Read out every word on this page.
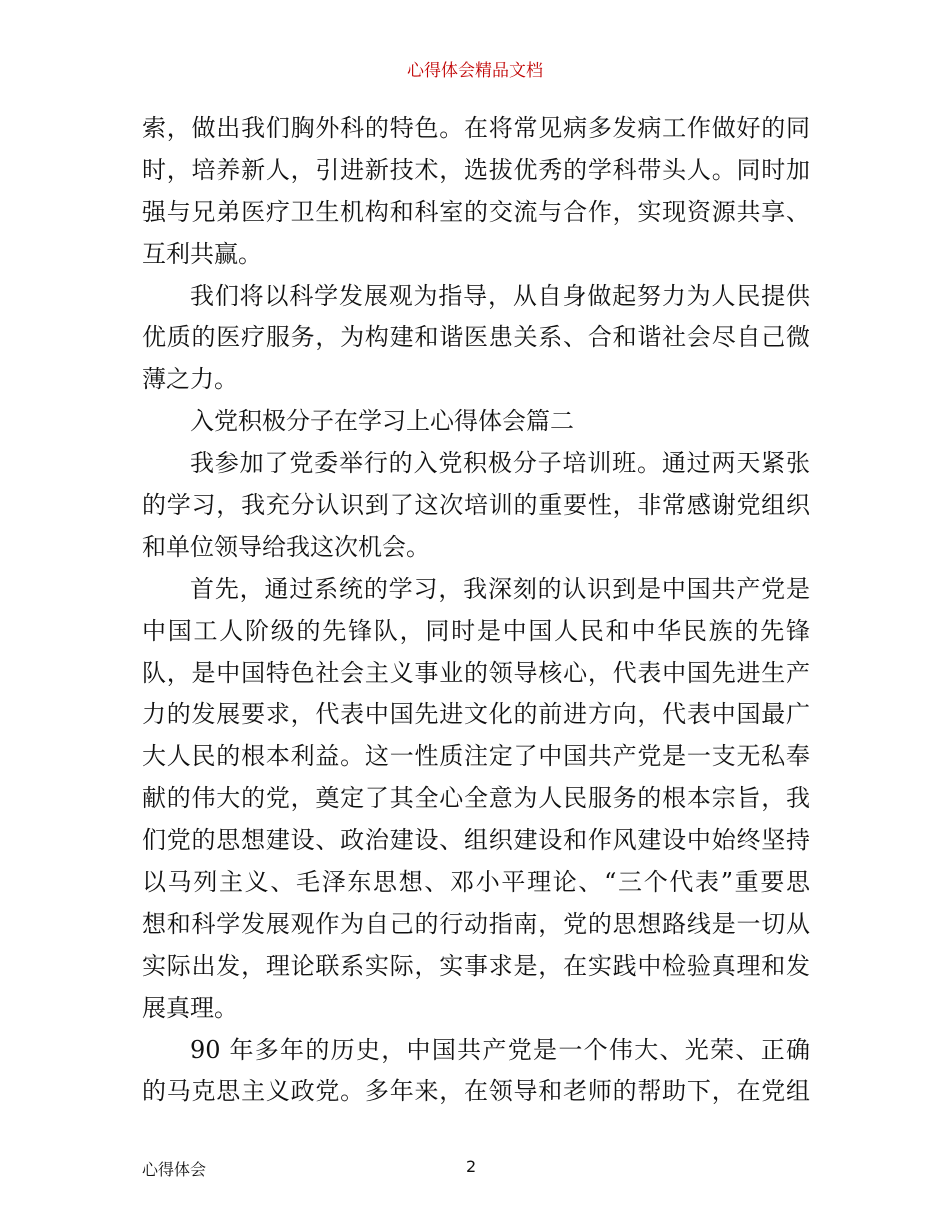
心得体会精品文档
索，做出我们胸外科的特色。在将常见病多发病工作做好的同
时，培养新人，引进新技术，选拔优秀的学科带头人。同时加
强与兄弟医疗卫生机构和科室的交流与合作，实现资源共享、
互利共赢。
我们将以科学发展观为指导，从自身做起努力为人民提供
优质的医疗服务，为构建和谐医患关系、合和谐社会尽自己微
薄之力。
入党积极分子在学习上心得体会篇二
我参加了党委举行的入党积极分子培训班。通过两天紧张
的学习，我充分认识到了这次培训的重要性，非常感谢党组织
和单位领导给我这次机会。
首先，通过系统的学习，我深刻的认识到是中国共产党是
中国工人阶级的先锋队，同时是中国人民和中华民族的先锋
队，是中国特色社会主义事业的领导核心，代表中国先进生产
力的发展要求，代表中国先进文化的前进方向，代表中国最广
大人民的根本利益。这一性质注定了中国共产党是一支无私奉
献的伟大的党，奠定了其全心全意为人民服务的根本宗旨，我
们党的思想建设、政治建设、组织建设和作风建设中始终坚持
以马列主义、毛泽东思想、邓小平理论、“三个代表”重要思
想和科学发展观作为自己的行动指南，党的思想路线是一切从
实际出发，理论联系实际，实事求是，在实践中检验真理和发
展真理。
90 年多年的历史，中国共产党是一个伟大、光荣、正确
的马克思主义政党。多年来，在领导和老师的帮助下，在党组
心得体会	2
